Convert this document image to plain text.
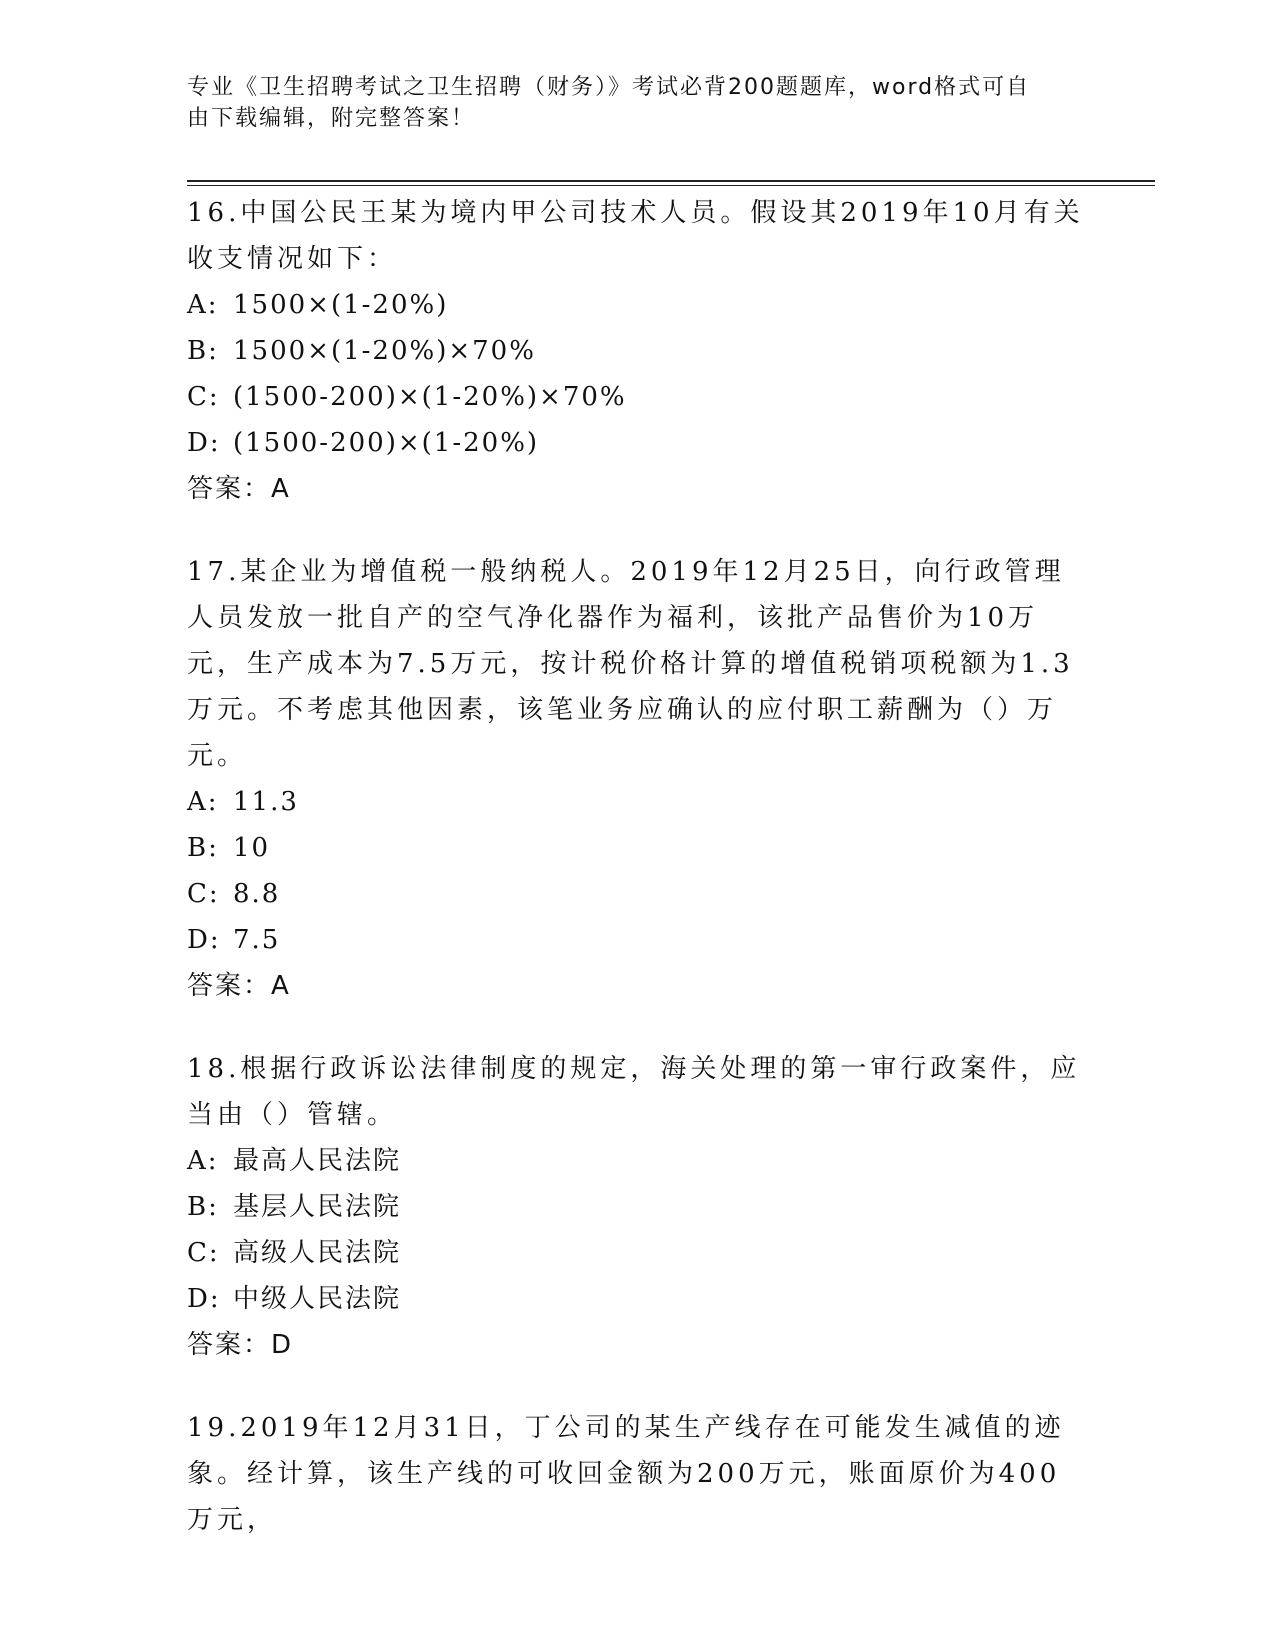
专业《卫生招聘考试之卫生招聘（财务）》考试必背200题题库，word格式可自
由下载编辑，附完整答案！

16.中国公民王某为境内甲公司技术人员。假设其2019年10月有关收支情况如下：

A: 1500×(1-20%)

B: 1500×(1-20%)×70%

C: (1500-200)×(1-20%)×70%

D: (1500-200)×(1-20%)

答案：A

17.某企业为增值税一般纳税人。2019年12月25日，向行政管理人员发放一批自产的空气净化器作为福利，该批产品售价为10万元，生产成本为7.5万元，按计税价格计算的增值税销项税额为1.3万元。不考虑其他因素，该笔业务应确认的应付职工薪酬为（）万元。

A: 11.3

B: 10

C: 8.8

D: 7.5

答案：A

18.根据行政诉讼法律制度的规定，海关处理的第一审行政案件，应当由（）管辖。

A: 最高人民法院

B: 基层人民法院

C: 高级人民法院

D: 中级人民法院

答案：D

19.2019年12月31日，丁公司的某生产线存在可能发生减值的迹象。经计算，该生产线的可收回金额为200万元，账面原价为400万元，
